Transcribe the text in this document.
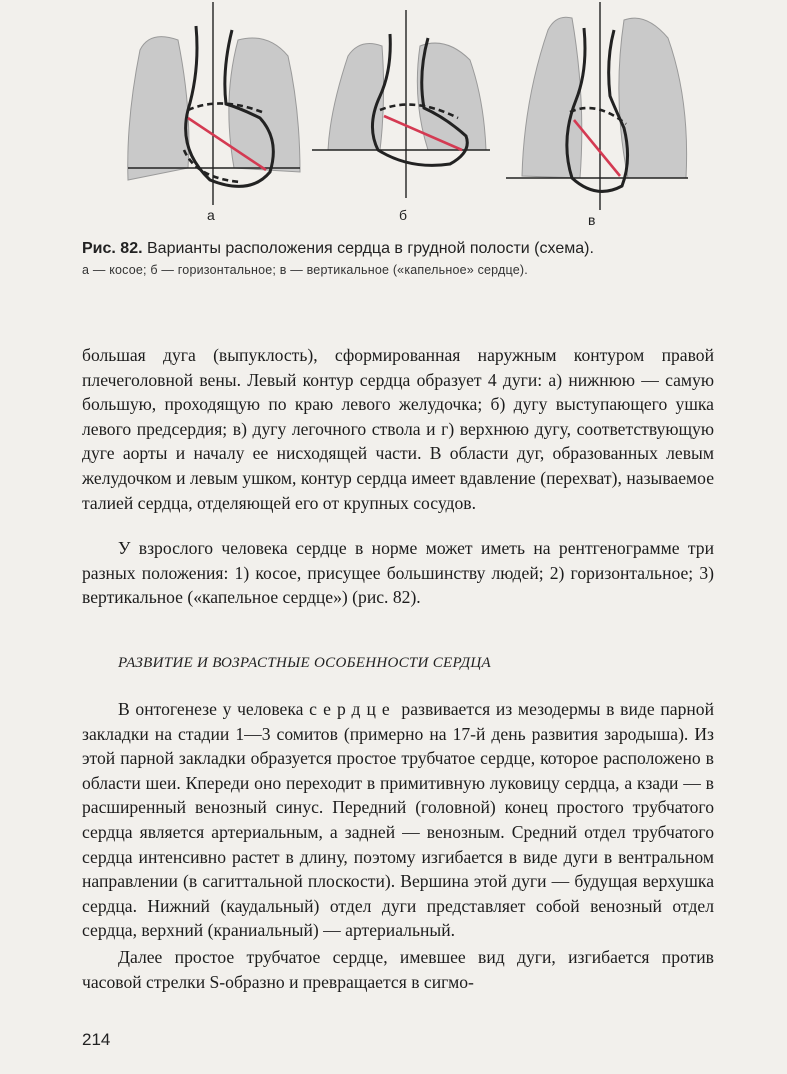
а	б	в
Рис. 82. Варианты расположения сердца в грудной полости (схема).
а — косое; б — горизонтальное; в — вертикальное («капельное» сердце).

большая дуга (выпуклость), сформированная наружным контуром правой плечеголовной вены. Левый контур сердца образует 4 дуги: а) нижнюю — самую большую, проходящую по краю левого желудочка; б) дугу выступающего ушка левого предсердия; в) дугу легочного ствола и г) верхнюю дугу, соответствующую дуге аорты и началу ее нисходящей части. В области дуг, образованных левым желудочком и левым ушком, контур сердца имеет вдавление (перехват), называемое талией сердца, отделяющей его от крупных сосудов.

У взрослого человека сердце в норме может иметь на рентгенограмме три разных положения: 1) косое, присущее большинству людей; 2) горизонтальное; 3) вертикальное («капельное сердце») (рис. 82).

РАЗВИТИЕ И ВОЗРАСТНЫЕ ОСОБЕННОСТИ СЕРДЦА

В онтогенезе у человека сердце развивается из мезодермы в виде парной закладки на стадии 1—3 сомитов (примерно на 17-й день развития зародыша). Из этой парной закладки образуется простое трубчатое сердце, которое расположено в области шеи. Кпереди оно переходит в примитивную луковицу сердца, а кзади — в расширенный венозный синус. Передний (головной) конец простого трубчатого сердца является артериальным, а задней — венозным. Средний отдел трубчатого сердца интенсивно растет в длину, поэтому изгибается в виде дуги в вентральном направлении (в сагиттальной плоскости). Вершина этой дуги — будущая верхушка сердца. Нижний (каудальный) отдел дуги представляет собой венозный отдел сердца, верхний (краниальный) — артериальный.

Далее простое трубчатое сердце, имевшее вид дуги, изгибается против часовой стрелки S-образно и превращается в сигмо-

214
